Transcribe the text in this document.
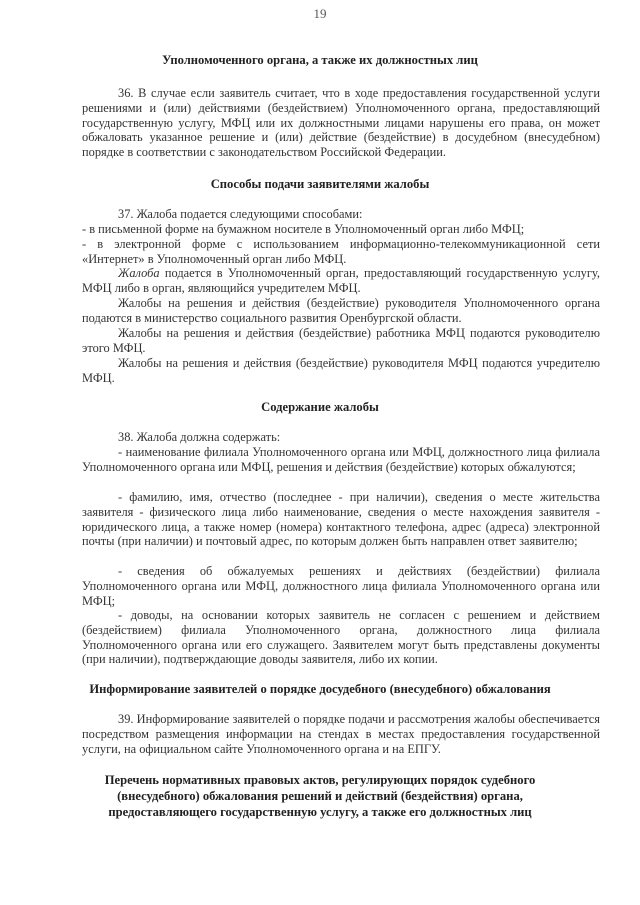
19
Уполномоченного органа, а также их должностных лиц
36. В случае если заявитель считает, что в ходе предоставления государственной услуги решениями и (или) действиями (бездействием) Уполномоченного органа, предоставляющий государственную услугу, МФЦ или их должностными лицами нарушены его права, он может обжаловать указанное решение и (или) действие (бездействие) в досудебном (внесудебном) порядке в соответствии с законодательством Российской Федерации.
Способы подачи заявителями жалобы
37. Жалоба подается следующими способами:
- в письменной форме на бумажном носителе в Уполномоченный орган либо МФЦ;
- в электронной форме с использованием информационно-телекоммуникационной сети «Интернет» в Уполномоченный орган либо МФЦ.
Жалоба подается в Уполномоченный орган, предоставляющий государственную услугу, МФЦ либо в орган, являющийся учредителем МФЦ.
Жалобы на решения и действия (бездействие) руководителя Уполномоченного органа подаются в министерство социального развития Оренбургской области.
Жалобы на решения и действия (бездействие) работника МФЦ подаются руководителю этого МФЦ.
Жалобы на решения и действия (бездействие) руководителя МФЦ подаются учредителю МФЦ.
Содержание жалобы
38. Жалоба должна содержать:
- наименование филиала Уполномоченного органа или МФЦ, должностного лица филиала Уполномоченного органа или МФЦ, решения и действия (бездействие) которых обжалуются;
- фамилию, имя, отчество (последнее - при наличии), сведения о месте жительства заявителя - физического лица либо наименование, сведения о месте нахождения заявителя - юридического лица, а также номер (номера) контактного телефона, адрес (адреса) электронной почты (при наличии) и почтовый адрес, по которым должен быть направлен ответ заявителю;
- сведения об обжалуемых решениях и действиях (бездействии) филиала Уполномоченного органа или МФЦ, должностного лица филиала Уполномоченного органа или МФЦ;
- доводы, на основании которых заявитель не согласен с решением и действием (бездействием) филиала Уполномоченного органа, должностного лица филиала Уполномоченного органа или его служащего. Заявителем могут быть представлены документы (при наличии), подтверждающие доводы заявителя, либо их копии.
Информирование заявителей о порядке досудебного (внесудебного) обжалования
39. Информирование заявителей о порядке подачи и рассмотрения жалобы обеспечивается посредством размещения информации на стендах в местах предоставления государственной услуги, на официальном сайте Уполномоченного органа и на ЕПГУ.
Перечень нормативных правовых актов, регулирующих порядок судебного
(внесудебного) обжалования решений и действий (бездействия) органа,
предоставляющего государственную услугу, а также его должностных лиц
